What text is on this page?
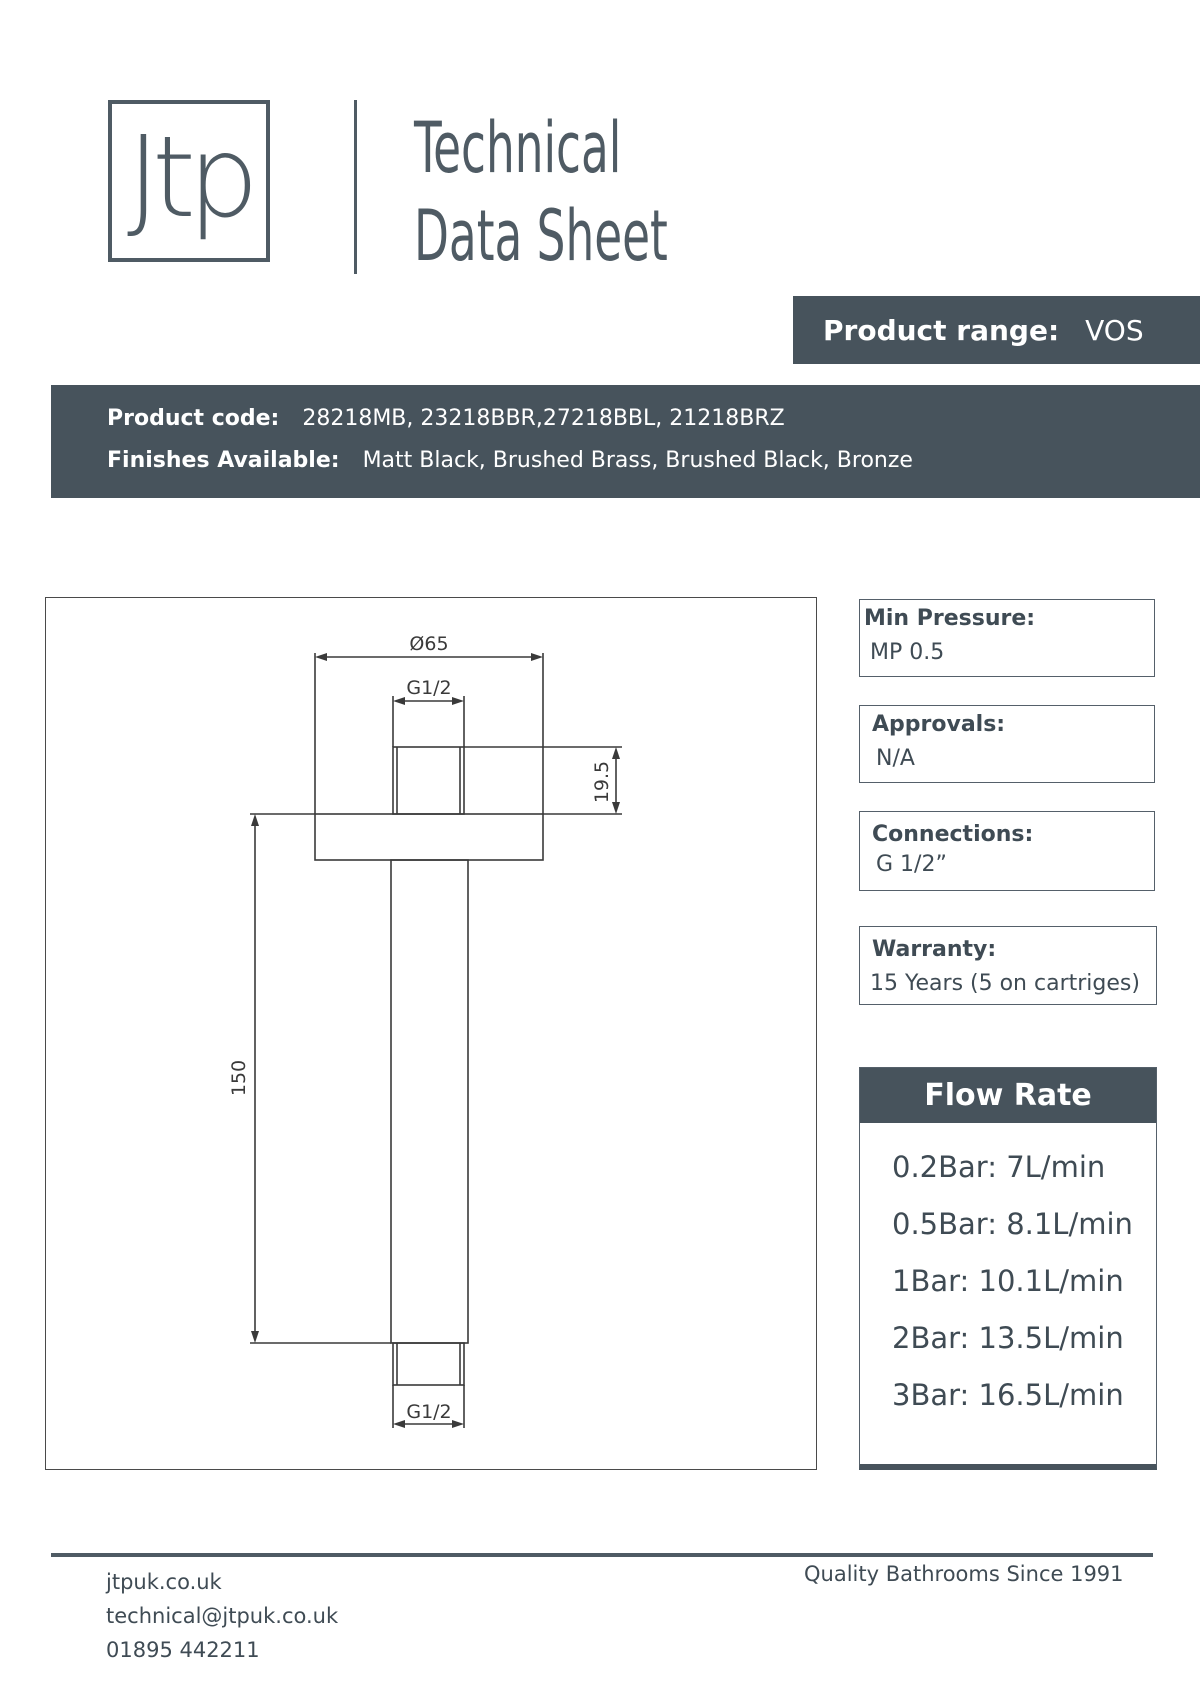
Jtp Technical
Data Sheet
Product range: VOS
Product code: 28218MB, 23218BBR,27218BBL, 21218BRZ
Finishes Available: Matt Black, Brushed Brass, Brushed Black, Bronze
Ø65
G1/2
G1/2
19.5
150
Min Pressure:
MP 0.5
Approvals:
N/A
Connections:
G 1/2”
Warranty:
15 Years (5 on cartriges)
Flow Rate
0.2Bar: 7L/min
0.5Bar: 8.1L/min
1Bar: 10.1L/min
2Bar: 13.5L/min
3Bar: 16.5L/min
jtpuk.co.uk
technical@jtpuk.co.uk
01895 442211
Quality Bathrooms Since 1991
